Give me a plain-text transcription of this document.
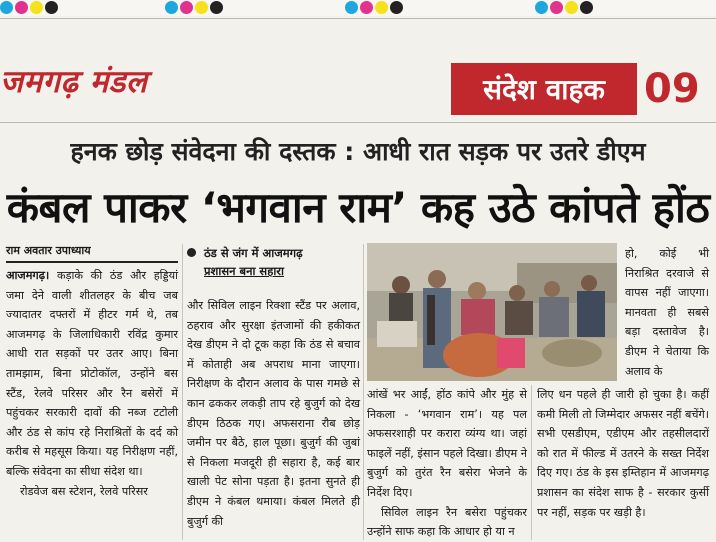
जमगढ़ मंडल	संदेश वाहक 09
हनक छोड़ संवेदना की दस्तक : आधी रात सड़क पर उतरे डीएम
कंबल पाकर ‘भगवान राम’ कह उठे कांपते होंठ
राम अवतार उपाध्याय
आजमगढ़। कड़ाके की ठंड और हड्डियां जमा देने वाली शीतलहर के बीच जब ज्यादातर दफ्तरों में हीटर गर्म थे, तब आजमगढ़ के जिलाधिकारी रविंद्र कुमार आधी रात सड़कों पर उतर आए। बिना तामझाम, बिना प्रोटोकॉल, उन्होंने बस स्टैंड, रेलवे परिसर और रैन बसेरों में पहुंचकर सरकारी दावों की नब्ज टटोली और ठंड से कांप रहे निराश्रितों के दर्द को करीब से महसूस किया। यह निरीक्षण नहीं, बल्कि संवेदना का सीधा संदेश था।
रोडवेज बस स्टेशन, रेलवे परिसर
ठंड से जंग में आजमगढ़
प्रशासन बना सहारा
और सिविल लाइन रिक्शा स्टैंड पर अलाव, ठहराव और सुरक्षा इंतजामों की हकीकत देख डीएम ने दो टूक कहा कि ठंड से बचाव में कोताही अब अपराध माना जाएगा। निरीक्षण के दौरान अलाव के पास गमछे से कान ढककर लकड़ी ताप रहे बुजुर्ग को देख डीएम ठिठक गए। अफसराना रौब छोड़ जमीन पर बैठे, हाल पूछा। बुजुर्ग की जुबां से निकला मजदूरी ही सहारा है, कई बार खाली पेट सोना पड़ता है। इतना सुनते ही डीएम ने कंबल थमाया। कंबल मिलते ही बुजुर्ग की
हो, कोई भी निराश्रित दरवाजे से वापस नहीं जाएगा। मानवता ही सबसे बड़ा दस्तावेज है। डीएम ने चेताया कि अलाव के
आंखें भर आईं, होंठ कांपे और मुंह से निकला - ‘भगवान राम’। यह पल अफसरशाही पर करारा व्यंग्य था। जहां फाइलें नहीं, इंसान पहले दिखा। डीएम ने बुजुर्ग को तुरंत रैन बसेरा भेजने के निर्देश दिए।
सिविल लाइन रैन बसेरा पहुंचकर उन्होंने साफ कहा कि आधार हो या न
लिए धन पहले ही जारी हो चुका है। कहीं कमी मिली तो जिम्मेदार अफसर नहीं बचेंगे। सभी एसडीएम, एडीएम और तहसीलदारों को रात में फील्ड में उतरने के सख्त निर्देश दिए गए। ठंड के इस इम्तिहान में आजमगढ़ प्रशासन का संदेश साफ है - सरकार कुर्सी पर नहीं, सड़क पर खड़ी है।
